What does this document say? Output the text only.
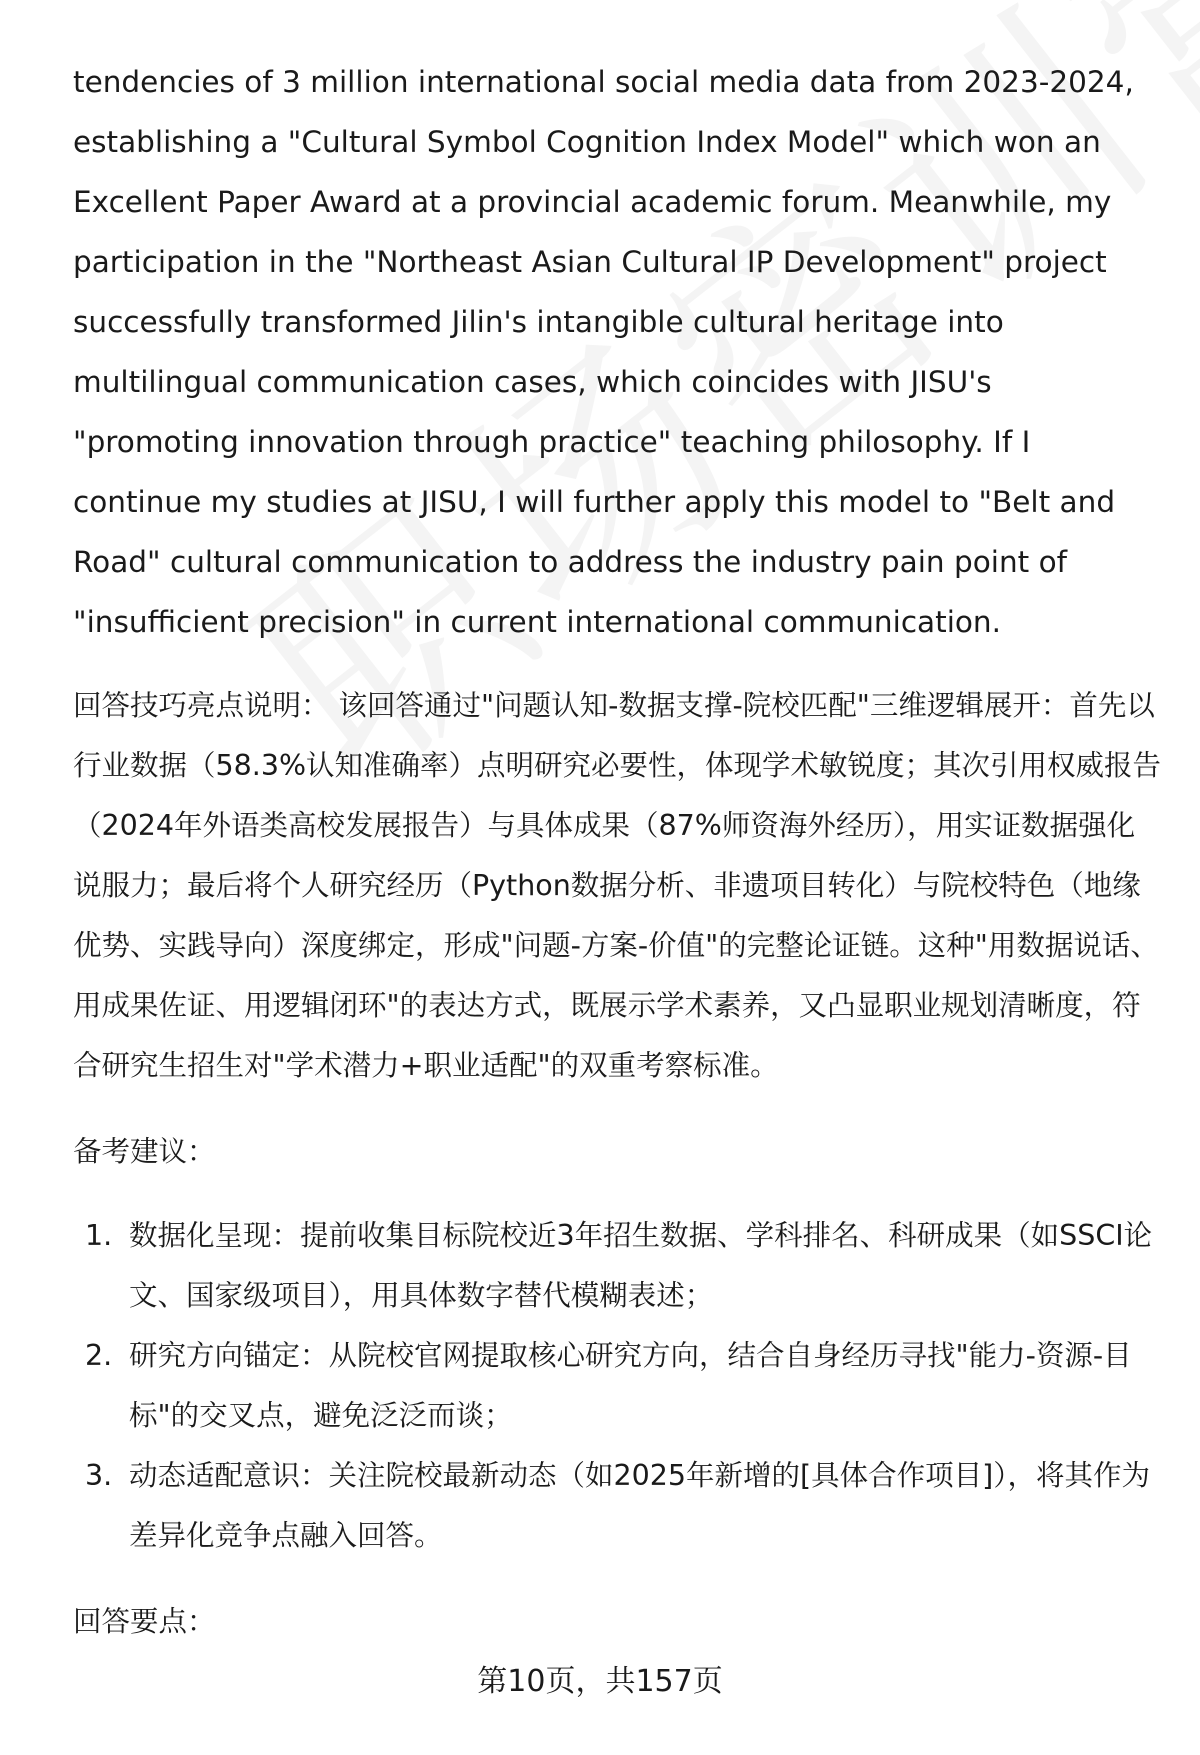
tendencies of 3 million international social media data from 2023-2024, establishing a "Cultural Symbol Cognition Index Model" which won an Excellent Paper Award at a provincial academic forum. Meanwhile, my participation in the "Northeast Asian Cultural IP Development" project successfully transformed Jilin's intangible cultural heritage into multilingual communication cases, which coincides with JISU's "promoting innovation through practice" teaching philosophy. If I continue my studies at JISU, I will further apply this model to "Belt and Road" cultural communication to address the industry pain point of "insufficient precision" in current international communication.

回答技巧亮点说明： 该回答通过"问题认知-数据支撑-院校匹配"三维逻辑展开：首先以行业数据（58.3%认知准确率）点明研究必要性，体现学术敏锐度；其次引用权威报告（2024年外语类高校发展报告）与具体成果（87%师资海外经历），用实证数据强化说服力；最后将个人研究经历（Python数据分析、非遗项目转化）与院校特色（地缘优势、实践导向）深度绑定，形成"问题-方案-价值"的完整论证链。这种"用数据说话、用成果佐证、用逻辑闭环"的表达方式，既展示学术素养，又凸显职业规划清晰度，符合研究生招生对"学术潜力+职业适配"的双重考察标准。

备考建议：

1. 数据化呈现：提前收集目标院校近3年招生数据、学科排名、科研成果（如SSCI论文、国家级项目），用具体数字替代模糊表述；
2. 研究方向锚定：从院校官网提取核心研究方向，结合自身经历寻找"能力-资源-目标"的交叉点，避免泛泛而谈；
3. 动态适配意识：关注院校最新动态（如2025年新增的[具体合作项目]），将其作为差异化竞争点融入回答。

回答要点：

第10页，共157页
